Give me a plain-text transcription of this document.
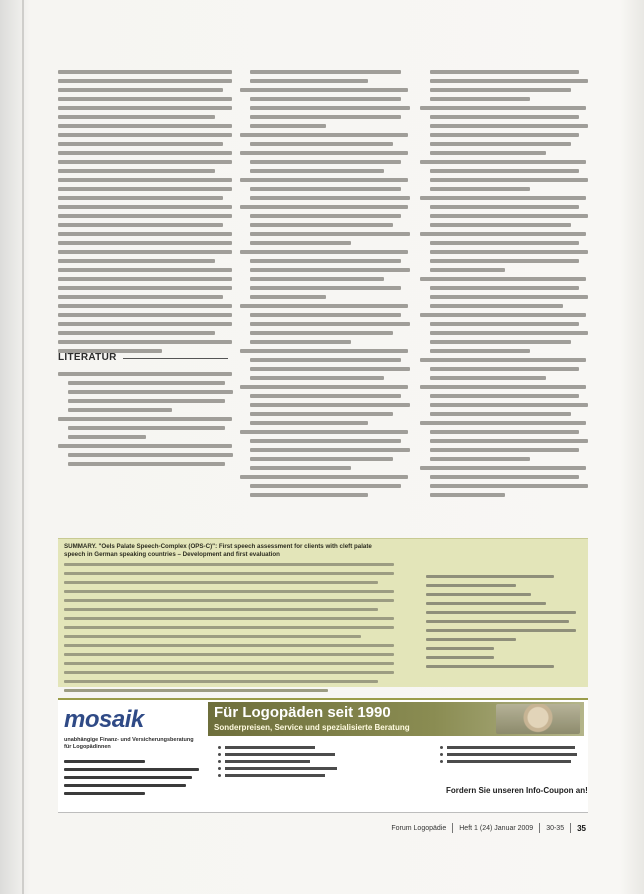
LITERATUR
SUMMARY. "Oels Palate Speech-Complex (OPS-C)": First speech assessment for clients with cleft palate speech in German speaking countries – Development and first evaluation
mosaik
unabhängige Finanz- und Versicherungsberatung für Logopädinnen
Für Logopäden seit 1990
Sonderpreisen, Service und spezialisierte Beratung
Fordern Sie unseren Info-Coupon an!
Forum Logopädie Heft 1 (24) Januar 2009 30-35 35
